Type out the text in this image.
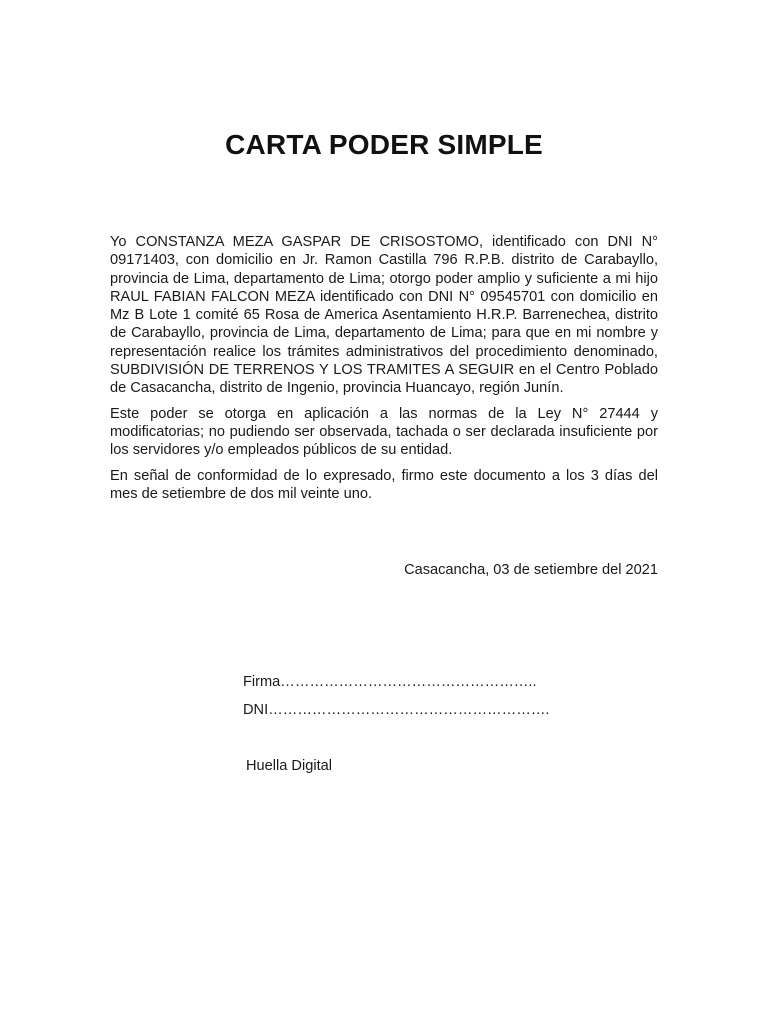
CARTA PODER SIMPLE

Yo CONSTANZA MEZA GASPAR DE CRISOSTOMO, identificado con DNI N° 09171403, con domicilio en Jr. Ramon Castilla 796 R.P.B. distrito de Carabayllo, provincia de Lima, departamento de Lima; otorgo poder amplio y suficiente a mi hijo RAUL FABIAN FALCON MEZA identificado con DNI N° 09545701 con domicilio en Mz B Lote 1 comité 65 Rosa de America Asentamiento H.R.P. Barrenechea, distrito de Carabayllo, provincia de Lima, departamento de Lima; para que en mi nombre y representación realice los trámites administrativos del procedimiento denominado, SUBDIVISIÓN DE TERRENOS Y LOS TRAMITES A SEGUIR en el Centro Poblado de Casacancha, distrito de Ingenio, provincia Huancayo, región Junín.

Este poder se otorga en aplicación a las normas de la Ley N° 27444 y modificatorias; no pudiendo ser observada, tachada o ser declarada insuficiente por los servidores y/o empleados públicos de su entidad.

En señal de conformidad de lo expresado, firmo este documento a los 3 días del mes de setiembre de dos mil veinte uno.

Casacancha, 03 de setiembre del 2021
Firma……………………………………………..
DNI………………………………………………….
Huella Digital
